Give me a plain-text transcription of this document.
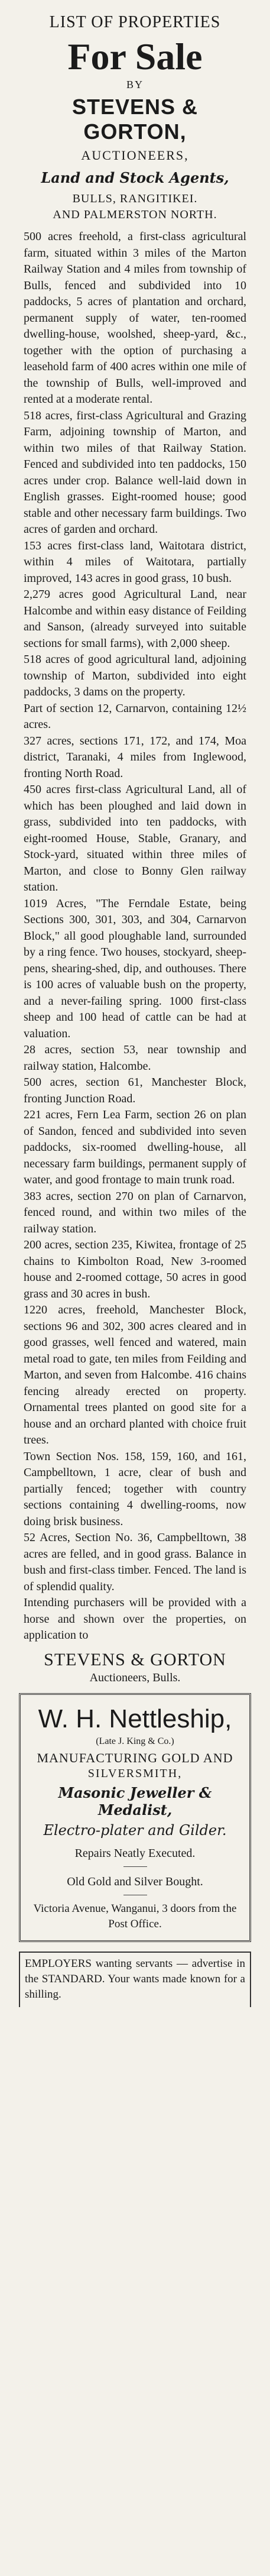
LIST OF PROPERTIES
For Sale
BY
STEVENS & GORTON,
AUCTIONEERS,
Land and Stock Agents,
BULLS, RANGITIKEI.
AND PALMERSTON NORTH.

500 acres freehold, a first-class agricultural farm, situated within 3 miles of the Marton Railway Station and 4 miles from township of Bulls, fenced and subdivided into 10 paddocks, 5 acres of plantation and orchard, permanent supply of water, ten-roomed dwelling-house, woolshed, sheep-yard, &c., together with the option of purchasing a leasehold farm of 400 acres within one mile of the township of Bulls, well-improved and rented at a moderate rental.

518 acres, first-class Agricultural and Grazing Farm, adjoining township of Marton, and within two miles of that Railway Station. Fenced and subdivided into ten paddocks, 150 acres under crop. Balance well-laid down in English grasses. Eight-roomed house; good stable and other necessary farm buildings. Two acres of garden and orchard.

153 acres first-class land, Waitotara district, within 4 miles of Waitotara, partially improved, 143 acres in good grass, 10 bush.

2,279 acres good Agricultural Land, near Halcombe and within easy distance of Feilding and Sanson, (already surveyed into suitable sections for small farms), with 2,000 sheep.

518 acres of good agricultural land, adjoining township of Marton, subdivided into eight paddocks, 3 dams on the property.

Part of section 12, Carnarvon, containing 12½ acres.

327 acres, sections 171, 172, and 174, Moa district, Taranaki, 4 miles from Inglewood, fronting North Road.

450 acres first-class Agricultural Land, all of which has been ploughed and laid down in grass, subdivided into ten paddocks, with eight-roomed House, Stable, Granary, and Stock-yard, situated within three miles of Marton, and close to Bonny Glen railway station.

1019 Acres, "The Ferndale Estate, being Sections 300, 301, 303, and 304, Carnarvon Block," all good ploughable land, surrounded by a ring fence. Two houses, stockyard, sheep-pens, shearing-shed, dip, and outhouses. There is 100 acres of valuable bush on the property, and a never-failing spring. 1000 first-class sheep and 100 head of cattle can be had at valuation.

28 acres, section 53, near township and railway station, Halcombe.

500 acres, section 61, Manchester Block, fronting Junction Road.

221 acres, Fern Lea Farm, section 26 on plan of Sandon, fenced and subdivided into seven paddocks, six-roomed dwelling-house, all necessary farm buildings, permanent supply of water, and good frontage to main trunk road.

383 acres, section 270 on plan of Carnarvon, fenced round, and within two miles of the railway station.

200 acres, section 235, Kiwitea, frontage of 25 chains to Kimbolton Road, New 3-roomed house and 2-roomed cottage, 50 acres in good grass and 30 acres in bush.

1220 acres, freehold, Manchester Block, sections 96 and 302, 300 acres cleared and in good grasses, well fenced and watered, main metal road to gate, ten miles from Feilding and Marton, and seven from Halcombe. 416 chains fencing already erected on property. Ornamental trees planted on good site for a house and an orchard planted with choice fruit trees.

Town Section Nos. 158, 159, 160, and 161, Campbelltown, 1 acre, clear of bush and partially fenced; together with country sections containing 4 dwelling-rooms, now doing brisk business.

52 Acres, Section No. 36, Campbelltown, 38 acres are felled, and in good grass. Balance in bush and first-class timber. Fenced. The land is of splendid quality.

Intending purchasers will be provided with a horse and shown over the properties, on application to

STEVENS & GORTON
Auctioneers, Bulls.
W. H. Nettleship,
(Late J. King & Co.)
MANUFACTURING GOLD AND
SILVERSMITH,
Masonic Jeweller & Medalist,
Electro-plater and Gilder.
Repairs Neatly Executed.
Old Gold and Silver Bought.
Victoria Avenue, Wanganui, 3 doors from the Post Office.
EMPLOYERS wanting servants — advertise in the STANDARD. Your wants made known for a shilling.
